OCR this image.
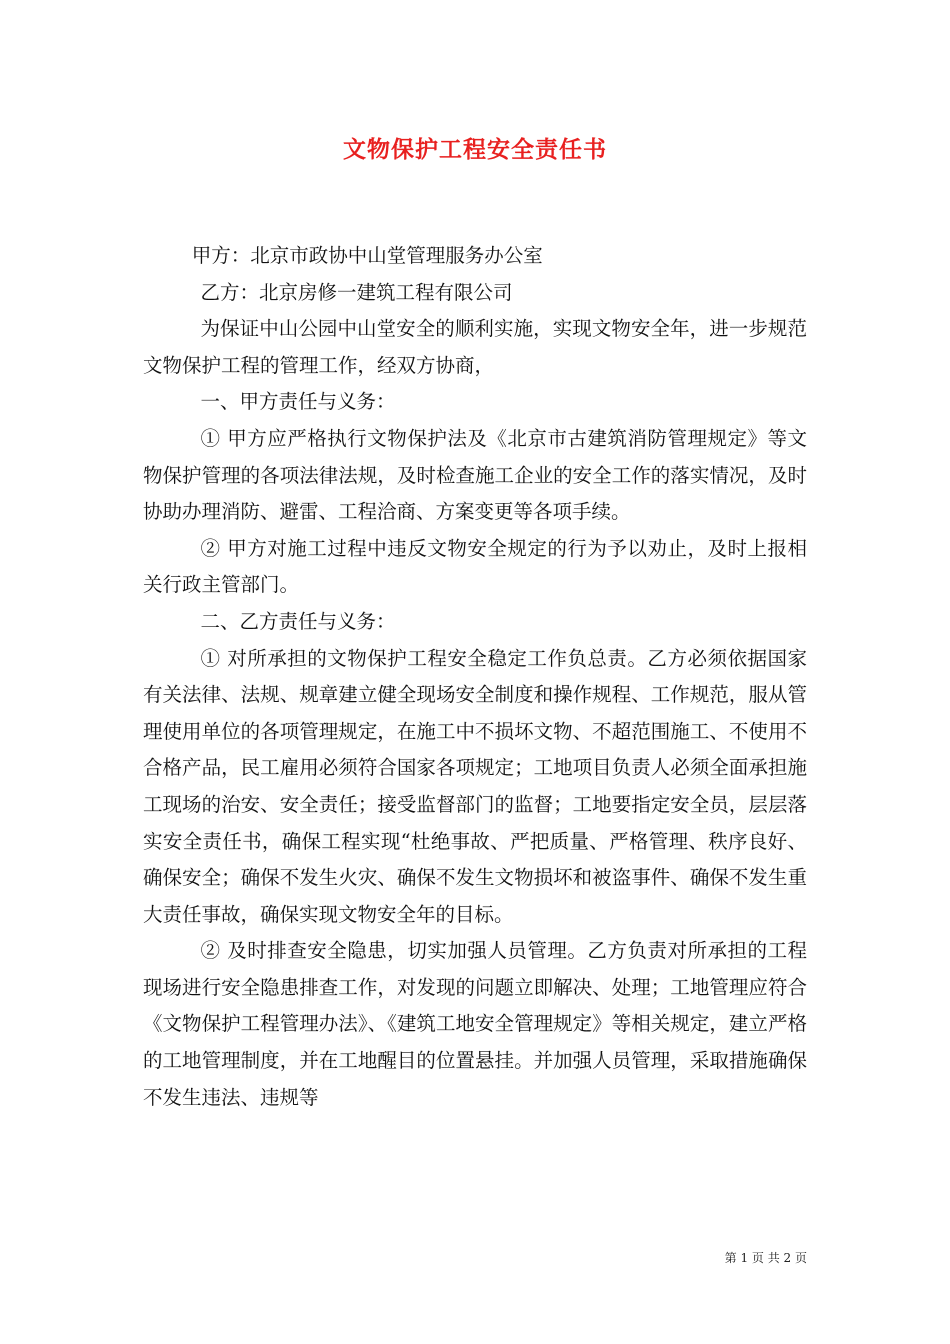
文物保护工程安全责任书

甲方：北京市政协中山堂管理服务办公室

乙方：北京房修一建筑工程有限公司

为保证中山公园中山堂安全的顺利实施，实现文物安全年，进一步规范文物保护工程的管理工作，经双方协商，

一、甲方责任与义务：

① 甲方应严格执行文物保护法及《北京市古建筑消防管理规定》等文物保护管理的各项法律法规，及时检查施工企业的安全工作的落实情况，及时协助办理消防、避雷、工程洽商、方案变更等各项手续。

② 甲方对施工过程中违反文物安全规定的行为予以劝止，及时上报相关行政主管部门。

二、乙方责任与义务：

① 对所承担的文物保护工程安全稳定工作负总责。乙方必须依据国家有关法律、法规、规章建立健全现场安全制度和操作规程、工作规范，服从管理使用单位的各项管理规定，在施工中不损坏文物、不超范围施工、不使用不合格产品，民工雇用必须符合国家各项规定；工地项目负责人必须全面承担施工现场的治安、安全责任；接受监督部门的监督；工地要指定安全员，层层落实安全责任书，确保工程实现“杜绝事故、严把质量、严格管理、秩序良好、确保安全；确保不发生火灾、确保不发生文物损坏和被盗事件、确保不发生重大责任事故，确保实现文物安全年的目标。

② 及时排查安全隐患，切实加强人员管理。乙方负责对所承担的工程现场进行安全隐患排查工作，对发现的问题立即解决、处理；工地管理应符合《文物保护工程管理办法》、《建筑工地安全管理规定》等相关规定，建立严格的工地管理制度，并在工地醒目的位置悬挂。并加强人员管理，采取措施确保不发生违法、违规等

第 1 页 共 2 页
